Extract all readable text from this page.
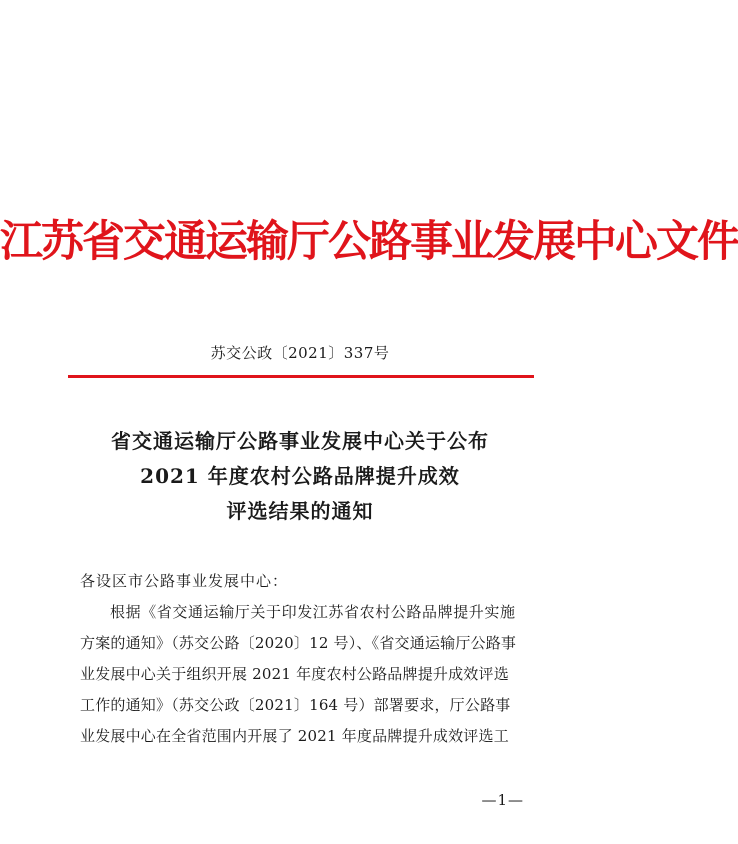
江苏省交通运输厅公路事业发展中心文件
苏交公政〔2021〕337号
省交通运输厅公路事业发展中心关于公布
2021 年度农村公路品牌提升成效
评选结果的通知
各设区市公路事业发展中心：
根据《省交通运输厅关于印发江苏省农村公路品牌提升实施
方案的通知》（苏交公路〔2020〕12 号）、《省交通运输厅公路事
业发展中心关于组织开展 2021 年度农村公路品牌提升成效评选
工作的通知》（苏交公政〔2021〕164 号）部署要求，厅公路事
业发展中心在全省范围内开展了 2021 年度品牌提升成效评选工
—1—
